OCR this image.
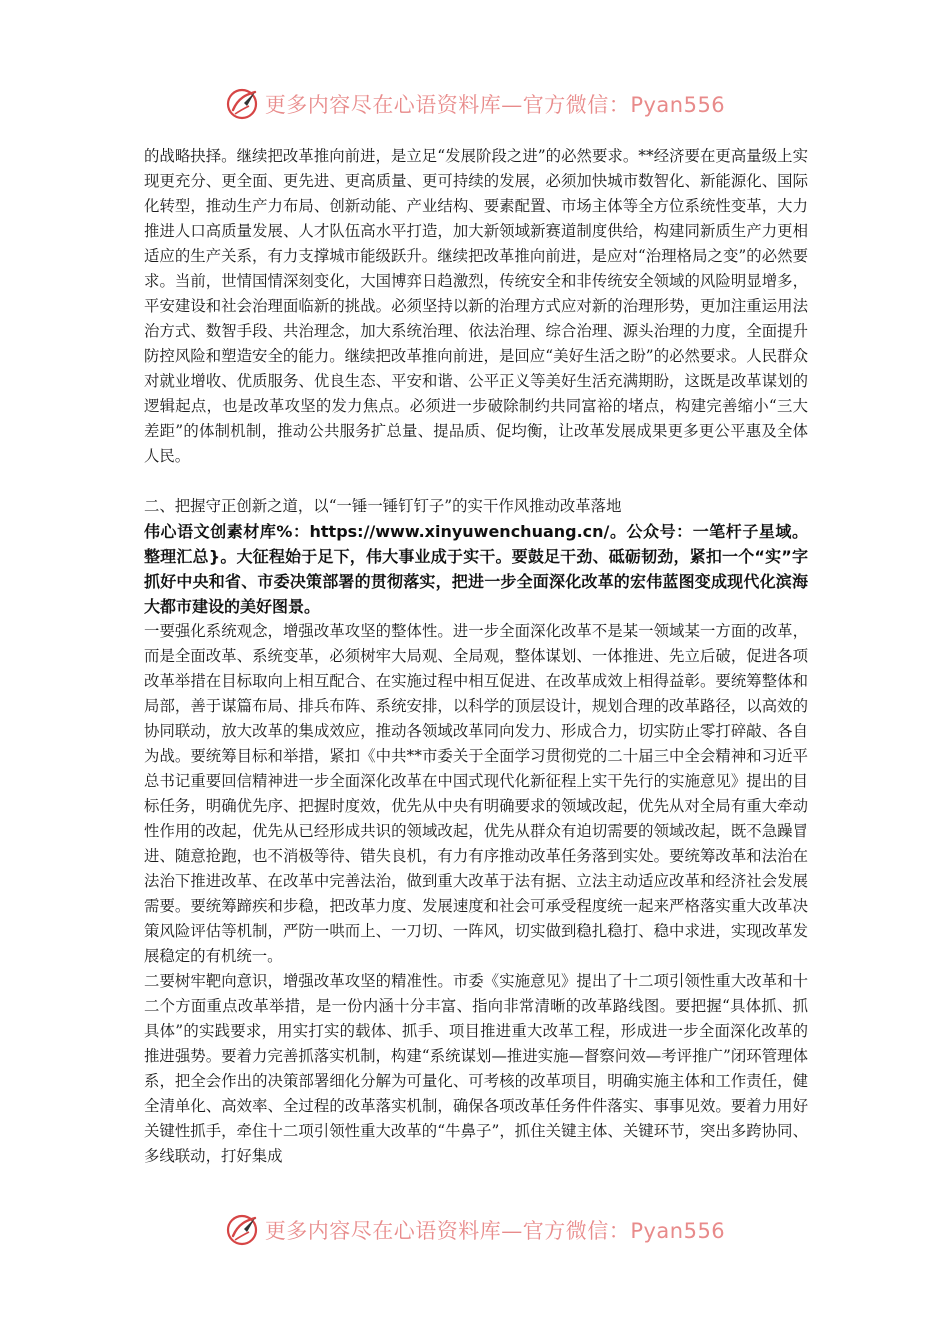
更多内容尽在心语资料库—官方微信：Pyan556

的战略抉择。继续把改革推向前进，是立足“发展阶段之进”的必然要求。**经济要在更高量级上实现更充分、更全面、更先进、更高质量、更可持续的发展，必须加快城市数智化、新能源化、国际化转型，推动生产力布局、创新动能、产业结构、要素配置、市场主体等全方位系统性变革，大力推进人口高质量发展、人才队伍高水平打造，加大新领域新赛道制度供给，构建同新质生产力更相适应的生产关系，有力支撑城市能级跃升。继续把改革推向前进，是应对“治理格局之变”的必然要求。当前，世情国情深刻变化，大国博弈日趋激烈，传统安全和非传统安全领域的风险明显增多，平安建设和社会治理面临新的挑战。必须坚持以新的治理方式应对新的治理形势，更加注重运用法治方式、数智手段、共治理念，加大系统治理、依法治理、综合治理、源头治理的力度，全面提升防控风险和塑造安全的能力。继续把改革推向前进，是回应“美好生活之盼”的必然要求。人民群众对就业增收、优质服务、优良生态、平安和谐、公平正义等美好生活充满期盼，这既是改革谋划的逻辑起点，也是改革攻坚的发力焦点。必须进一步破除制约共同富裕的堵点，构建完善缩小“三大差距”的体制机制，推动公共服务扩总量、提品质、促均衡，让改革发展成果更多更公平惠及全体人民。

二、把握守正创新之道，以“一锤一锤钉钉子”的实干作风推动改革落地

伟心语文创素材库%：https://www.xinyuwenchuang.cn/。公众号：一笔杆子星域。整理汇总}。大征程始于足下，伟大事业成于实干。要鼓足干劲、砥砺韧劲，紧扣一个“实”字抓好中央和省、市委决策部署的贯彻落实，把进一步全面深化改革的宏伟蓝图变成现代化滨海大都市建设的美好图景。

一要强化系统观念，增强改革攻坚的整体性。进一步全面深化改革不是某一领域某一方面的改革，而是全面改革、系统变革，必须树牢大局观、全局观，整体谋划、一体推进、先立后破，促进各项改革举措在目标取向上相互配合、在实施过程中相互促进、在改革成效上相得益彰。要统筹整体和局部，善于谋篇布局、排兵布阵、系统安排，以科学的顶层设计，规划合理的改革路径，以高效的协同联动，放大改革的集成效应，推动各领域改革同向发力、形成合力，切实防止零打碎敲、各自为战。要统筹目标和举措，紧扣《中共**市委关于全面学习贯彻党的二十届三中全会精神和习近平总书记重要回信精神进一步全面深化改革在中国式现代化新征程上实干先行的实施意见》提出的目标任务，明确优先序、把握时度效，优先从中央有明确要求的领域改起，优先从对全局有重大牵动性作用的改起，优先从已经形成共识的领域改起，优先从群众有迫切需要的领域改起，既不急躁冒进、随意抢跑，也不消极等待、错失良机，有力有序推动改革任务落到实处。要统筹改革和法治在法治下推进改革、在改革中完善法治，做到重大改革于法有据、立法主动适应改革和经济社会发展需要。要统筹蹄疾和步稳，把改革力度、发展速度和社会可承受程度统一起来严格落实重大改革决策风险评估等机制，严防一哄而上、一刀切、一阵风，切实做到稳扎稳打、稳中求进，实现改革发展稳定的有机统一。

二要树牢靶向意识，增强改革攻坚的精准性。市委《实施意见》提出了十二项引领性重大改革和十二个方面重点改革举措，是一份内涵十分丰富、指向非常清晰的改革路线图。要把握“具体抓、抓具体”的实践要求，用实打实的载体、抓手、项目推进重大改革工程，形成进一步全面深化改革的推进强势。要着力完善抓落实机制，构建“系统谋划—推进实施—督察问效—考评推广”闭环管理体系，把全会作出的决策部署细化分解为可量化、可考核的改革项目，明确实施主体和工作责任，健全清单化、高效率、全过程的改革落实机制，确保各项改革任务件件落实、事事见效。要着力用好关键性抓手，牵住十二项引领性重大改革的“牛鼻子”，抓住关键主体、关键环节，突出多跨协同、多线联动，打好集成

更多内容尽在心语资料库—官方微信：Pyan556
